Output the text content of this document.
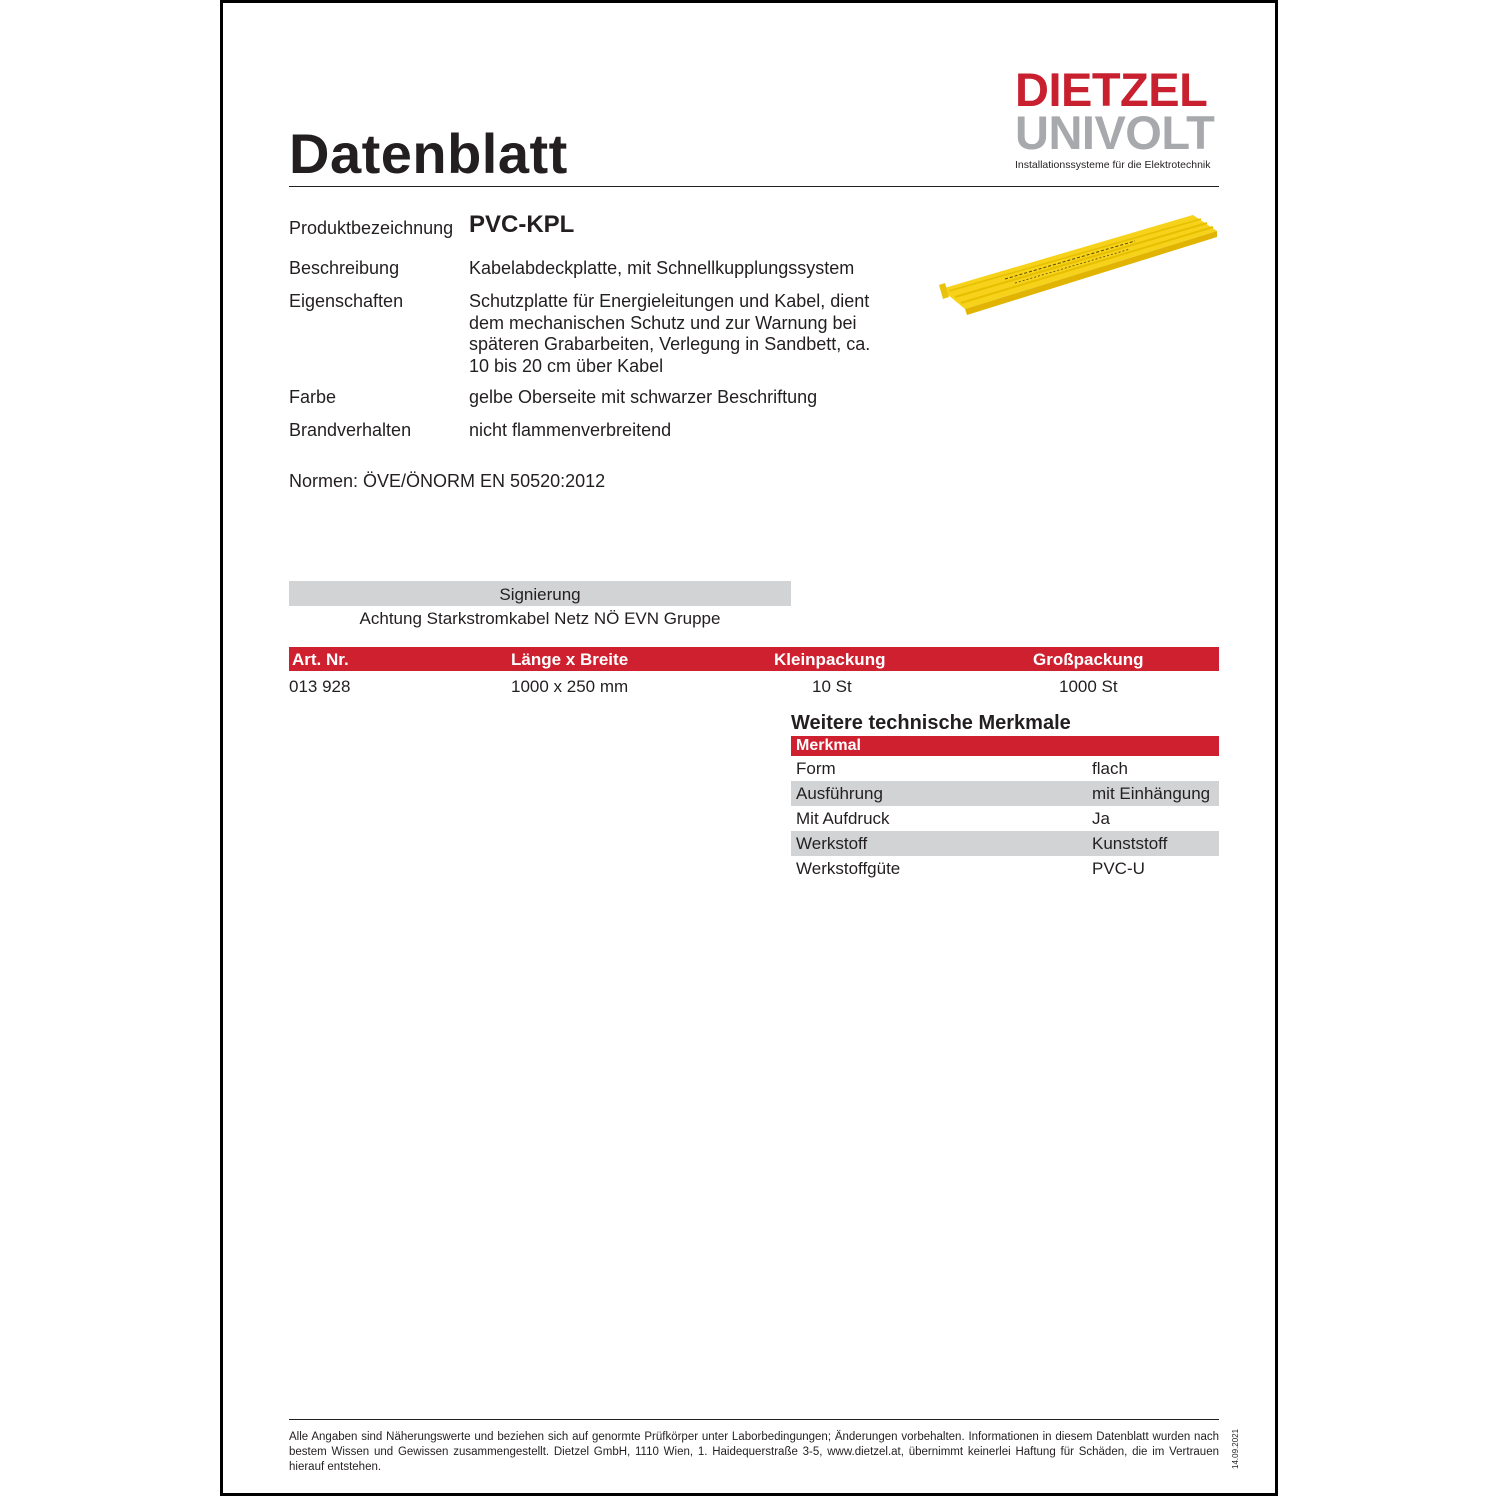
Datenblatt
DIETZEL
UNIVOLT
Installationssysteme für die Elektrotechnik
Produktbezeichnung PVC-KPL
Beschreibung	Kabelabdeckplatte, mit Schnellkupplungssystem
Eigenschaften	Schutzplatte für Energieleitungen und Kabel, dient dem mechanischen Schutz und zur Warnung bei späteren Grabarbeiten, Verlegung in Sandbett, ca. 10 bis 20 cm über Kabel
Farbe	gelbe Oberseite mit schwarzer Beschriftung
Brandverhalten	nicht flammenverbreitend
Normen: ÖVE/ÖNORM EN 50520:2012
Signierung
Achtung Starkstromkabel Netz NÖ EVN Gruppe
Art. Nr.	Länge x Breite	Kleinpackung	Großpackung
013 928	1000 x 250 mm	10 St	1000 St
Weitere technische Merkmale
Merkmal
Form	flach
Ausführung	mit Einhängung
Mit Aufdruck	Ja
Werkstoff	Kunststoff
Werkstoffgüte	PVC-U
Alle Angaben sind Näherungswerte und beziehen sich auf genormte Prüfkörper unter Laborbedingungen; Änderungen vorbehalten. Informationen in diesem Datenblatt wurden nach bestem Wissen und Gewissen zusammengestellt. Dietzel GmbH, 1110 Wien, 1. Haidequerstraße 3-5, www.dietzel.at, übernimmt keinerlei Haftung für Schäden, die im Vertrauen hierauf entstehen.	14.09.2021
